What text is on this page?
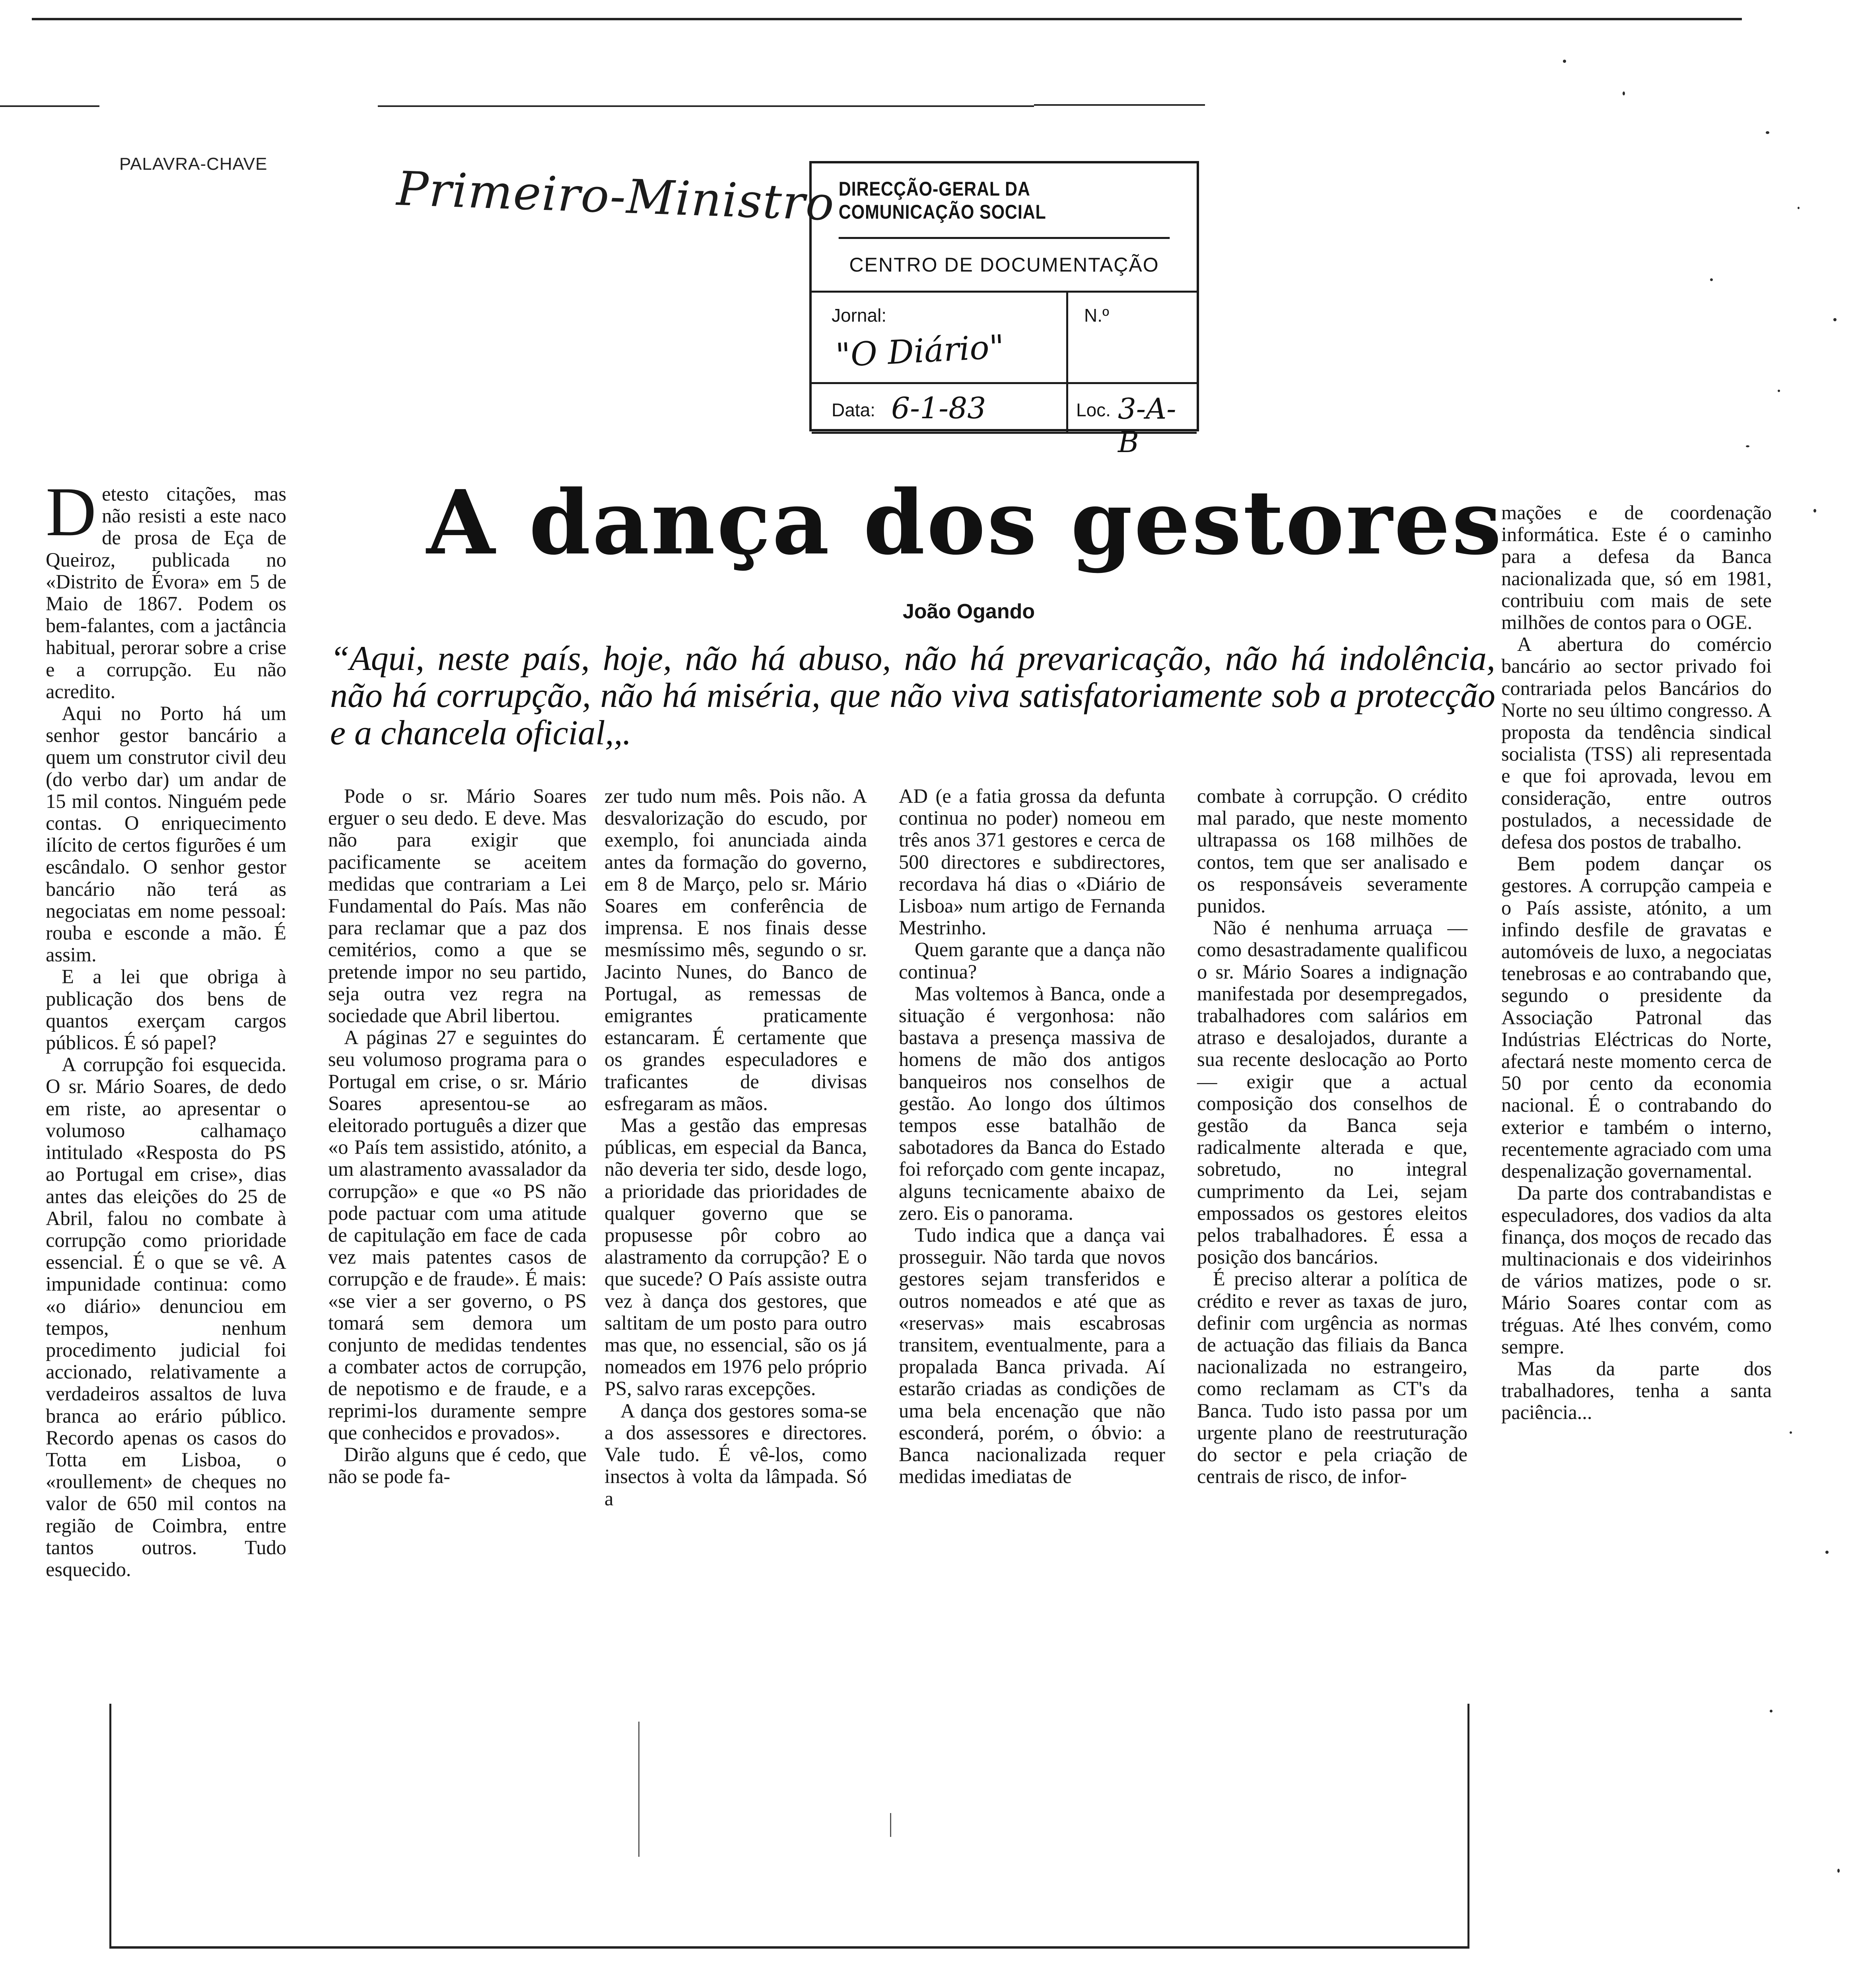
PALAVRA-CHAVE	Primeiro-Ministro DIRECÇÃO-GERAL DA COMUNICAÇÃO SOCIAL
CENTRO DE DOCUMENTAÇÃO
Jornal:
"O Diário"
N.º
Data: 6-1-83	Loc. 3-A-B
A dança dos gestores
João Ogando
“Aqui, neste país, hoje, não há abuso, não há prevaricação, não há indolência, não há corrupção, não há miséria, que não viva satisfatoriamente sob a protecção e a chancela oficial,,.

Detesto citações, mas não resisti a este naco de prosa de Eça de Queiroz, publicada no «Distrito de Évora» em 5 de Maio de 1867. Podem os bem-falantes, com a jactância habitual, perorar sobre a crise e a corrupção. Eu não acredito.

Aqui no Porto há um senhor gestor bancário a quem um construtor civil deu (do verbo dar) um andar de 15 mil contos. Ninguém pede contas. O enriquecimento ilícito de certos figurões é um escândalo. O senhor gestor bancário não terá as negociatas em nome pessoal: rouba e esconde a mão. É assim.

E a lei que obriga à publicação dos bens de quantos exerçam cargos públicos. É só papel?

A corrupção foi esquecida. O sr. Mário Soares, de dedo em riste, ao apresentar o volumoso calhamaço intitulado «Resposta do PS ao Portugal em crise», dias antes das eleições do 25 de Abril, falou no combate à corrupção como prioridade essencial. É o que se vê. A impunidade continua: como «o diário» denunciou em tempos, nenhum procedimento judicial foi accionado, relativamente a verdadeiros assaltos de luva branca ao erário público. Recordo apenas os casos do Totta em Lisboa, o «roullement» de cheques no valor de 650 mil contos na região de Coimbra, entre tantos outros. Tudo esquecido.

Pode o sr. Mário Soares erguer o seu dedo. E deve. Mas não para exigir que pacificamente se aceitem medidas que contrariam a Lei Fundamental do País. Mas não para reclamar que a paz dos cemitérios, como a que se pretende impor no seu partido, seja outra vez regra na sociedade que Abril libertou.

A páginas 27 e seguintes do seu volumoso programa para o Portugal em crise, o sr. Mário Soares apresentou-se ao eleitorado português a dizer que «o País tem assistido, atónito, a um alastramento avassalador da corrupção» e que «o PS não pode pactuar com uma atitude de capitulação em face de cada vez mais patentes casos de corrupção e de fraude». É mais: «se vier a ser governo, o PS tomará sem demora um conjunto de medidas tendentes a combater actos de corrupção, de nepotismo e de fraude, e a reprimi-los duramente sempre que conhecidos e provados».

Dirão alguns que é cedo, que não se pode fa-

zer tudo num mês. Pois não. A desvalorização do escudo, por exemplo, foi anunciada ainda antes da formação do governo, em 8 de Março, pelo sr. Mário Soares em conferência de imprensa. E nos finais desse mesmíssimo mês, segundo o sr. Jacinto Nunes, do Banco de Portugal, as remessas de emigrantes praticamente estancaram. É certamente que os grandes especuladores e traficantes de divisas esfregaram as mãos.

Mas a gestão das empresas públicas, em especial da Banca, não deveria ter sido, desde logo, a prioridade das prioridades de qualquer governo que se propusesse pôr cobro ao alastramento da corrupção? E o que sucede? O País assiste outra vez à dança dos gestores, que saltitam de um posto para outro mas que, no essencial, são os já nomeados em 1976 pelo próprio PS, salvo raras excepções.

A dança dos gestores soma-se a dos assessores e directores. Vale tudo. É vê-los, como insectos à volta da lâmpada. Só a

AD (e a fatia grossa da defunta continua no poder) nomeou em três anos 371 gestores e cerca de 500 directores e subdirectores, recordava há dias o «Diário de Lisboa» num artigo de Fernanda Mestrinho.

Quem garante que a dança não continua?

Mas voltemos à Banca, onde a situação é vergonhosa: não bastava a presença massiva de homens de mão dos antigos banqueiros nos conselhos de gestão. Ao longo dos últimos tempos esse batalhão de sabotadores da Banca do Estado foi reforçado com gente incapaz, alguns tecnicamente abaixo de zero. Eis o panorama.

Tudo indica que a dança vai prosseguir. Não tarda que novos gestores sejam transferidos e outros nomeados e até que as «reservas» mais escabrosas transitem, eventualmente, para a propalada Banca privada. Aí estarão criadas as condições de uma bela encenação que não esconderá, porém, o óbvio: a Banca nacionalizada requer medidas imediatas de

combate à corrupção. O crédito mal parado, que neste momento ultrapassa os 168 milhões de contos, tem que ser analisado e os responsáveis severamente punidos.

Não é nenhuma arruaça — como desastradamente qualificou o sr. Mário Soares a indignação manifestada por desempregados, trabalhadores com salários em atraso e desalojados, durante a sua recente deslocação ao Porto — exigir que a actual composição dos conselhos de gestão da Banca seja radicalmente alterada e que, sobretudo, no integral cumprimento da Lei, sejam empossados os gestores eleitos pelos trabalhadores. É essa a posição dos bancários.

É preciso alterar a política de crédito e rever as taxas de juro, definir com urgência as normas de actuação das filiais da Banca nacionalizada no estrangeiro, como reclamam as CT's da Banca. Tudo isto passa por um urgente plano de reestruturação do sector e pela criação de centrais de risco, de infor-

mações e de coordenação informática. Este é o caminho para a defesa da Banca nacionalizada que, só em 1981, contribuiu com mais de sete milhões de contos para o OGE.

A abertura do comércio bancário ao sector privado foi contrariada pelos Bancários do Norte no seu último congresso. A proposta da tendência sindical socialista (TSS) ali representada e que foi aprovada, levou em consideração, entre outros postulados, a necessidade de defesa dos postos de trabalho.

Bem podem dançar os gestores. A corrupção campeia e o País assiste, atónito, a um infindo desfile de gravatas e automóveis de luxo, a negociatas tenebrosas e ao contrabando que, segundo o presidente da Associação Patronal das Indústrias Eléctricas do Norte, afectará neste momento cerca de 50 por cento da economia nacional. É o contrabando do exterior e também o interno, recentemente agraciado com uma despenalização governamental.

Da parte dos contrabandistas e especuladores, dos vadios da alta finança, dos moços de recado das multinacionais e dos videirinhos de vários matizes, pode o sr. Mário Soares contar com as tréguas. Até lhes convém, como sempre.

Mas da parte dos trabalhadores, tenha a santa paciência...
